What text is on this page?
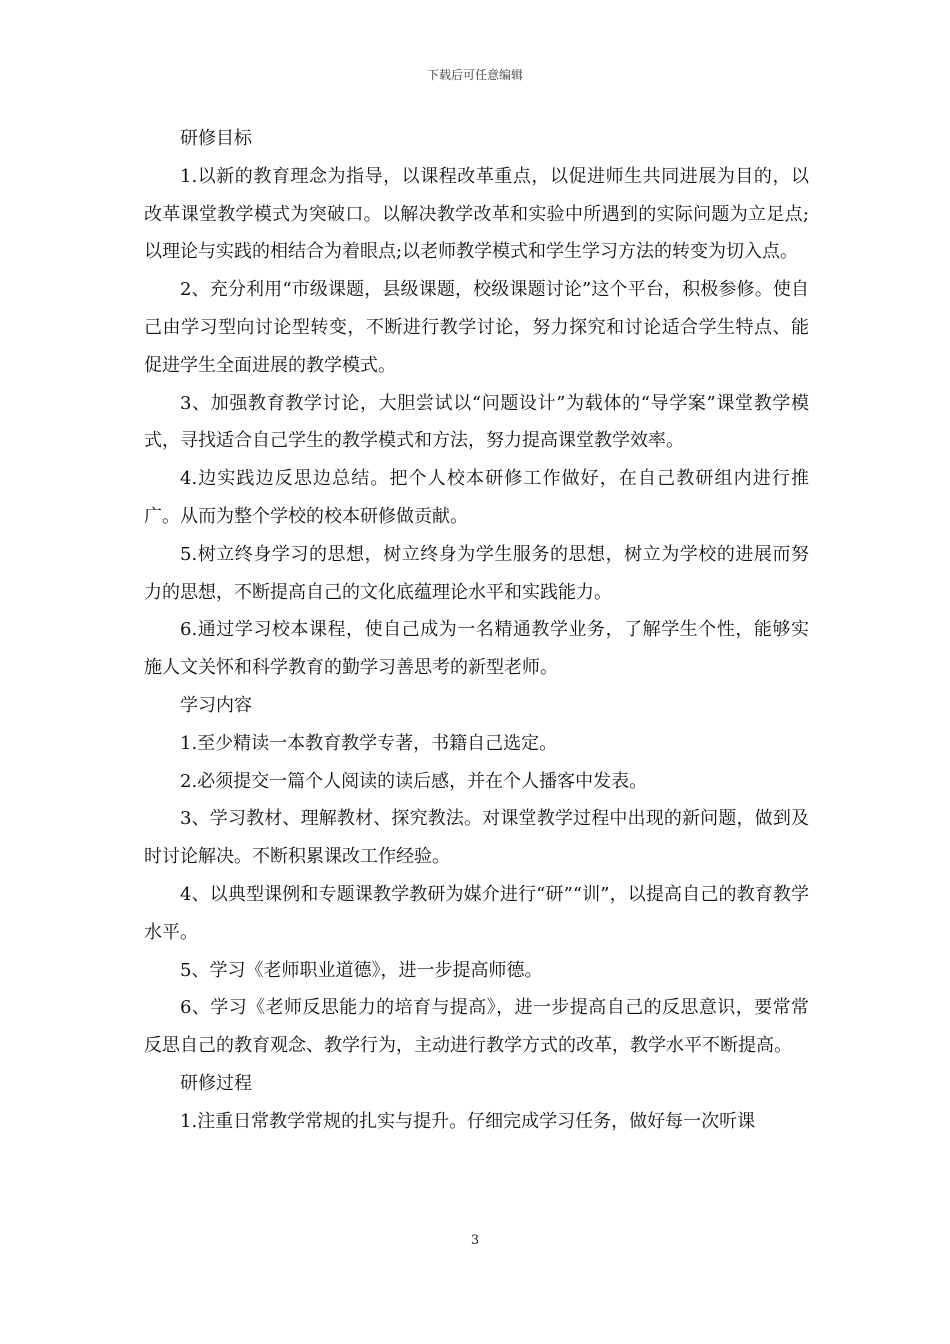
下载后可任意编辑

研修目标

1.以新的教育理念为指导，以课程改革重点，以促进师生共同进展为目的，以改革课堂教学模式为突破口。以解决教学改革和实验中所遇到的实际问题为立足点;以理论与实践的相结合为着眼点;以老师教学模式和学生学习方法的转变为切入点。

2、充分利用“市级课题，县级课题，校级课题讨论”这个平台，积极参修。使自己由学习型向讨论型转变，不断进行教学讨论，努力探究和讨论适合学生特点、能促进学生全面进展的教学模式。

3、加强教育教学讨论，大胆尝试以“问题设计”为载体的“导学案”课堂教学模式，寻找适合自己学生的教学模式和方法，努力提高课堂教学效率。

4.边实践边反思边总结。把个人校本研修工作做好，在自己教研组内进行推广。从而为整个学校的校本研修做贡献。

5.树立终身学习的思想，树立终身为学生服务的思想，树立为学校的进展而努力的思想，不断提高自己的文化底蕴理论水平和实践能力。

6.通过学习校本课程，使自己成为一名精通教学业务，了解学生个性，能够实施人文关怀和科学教育的勤学习善思考的新型老师。

学习内容

1.至少精读一本教育教学专著，书籍自己选定。

2.必须提交一篇个人阅读的读后感，并在个人播客中发表。

3、学习教材、理解教材、探究教法。对课堂教学过程中出现的新问题，做到及时讨论解决。不断积累课改工作经验。

4、以典型课例和专题课教学教研为媒介进行“研”“训”，以提高自己的教育教学水平。

5、学习《老师职业道德》，进一步提高师德。

6、学习《老师反思能力的培育与提高》，进一步提高自己的反思意识，要常常反思自己的教育观念、教学行为，主动进行教学方式的改革，教学水平不断提高。

研修过程

1.注重日常教学常规的扎实与提升。仔细完成学习任务，做好每一次听课

3
